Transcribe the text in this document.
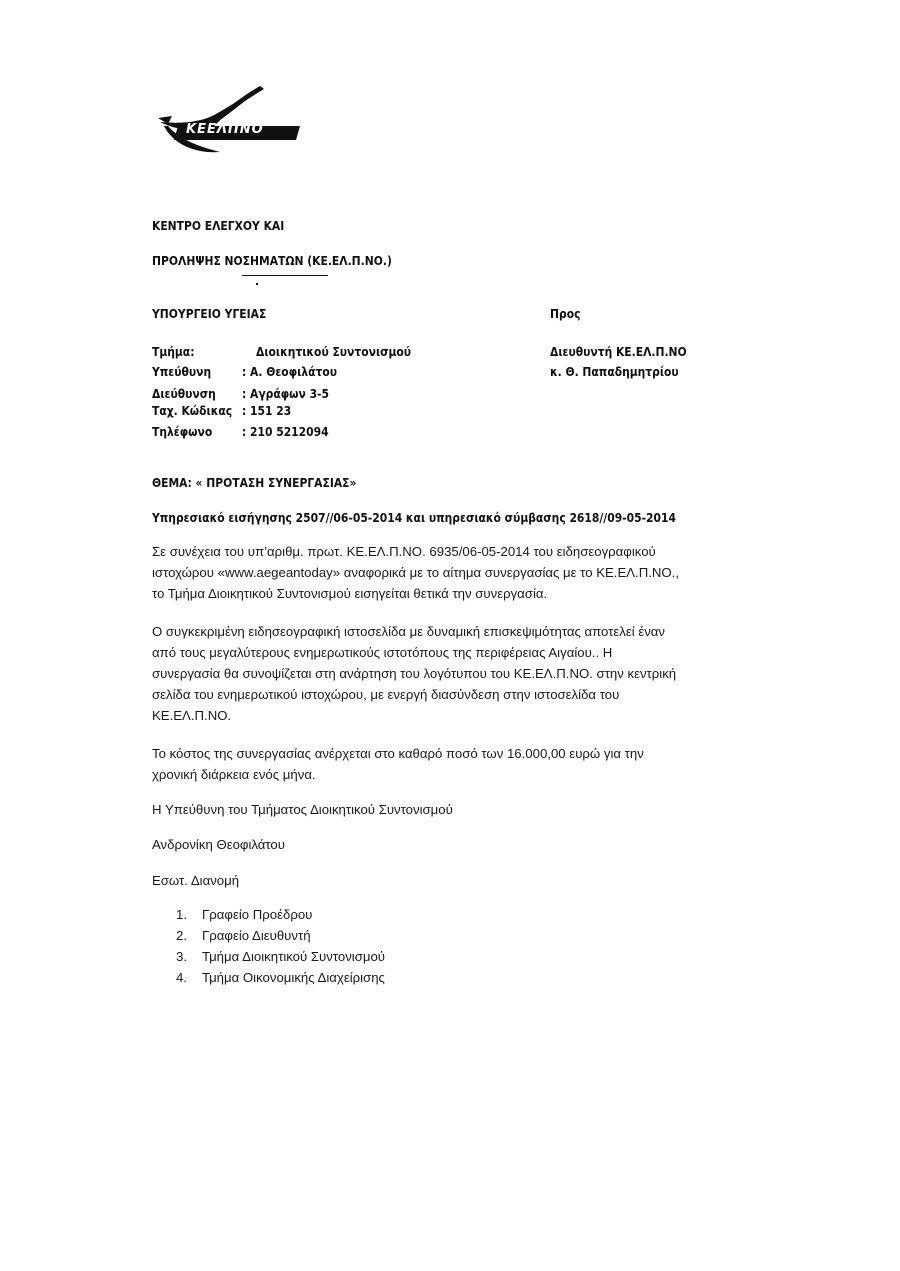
ΚΕΕΛΠΝΟ
ΚΕΝΤΡΟ ΕΛΕΓΧΟΥ ΚΑΙ
ΠΡΟΛΗΨΗΣ ΝΟΣΗΜΑΤΩΝ (ΚΕ.ΕΛ.Π.ΝΟ.)
ΥΠΟΥΡΓΕΙΟ ΥΓΕΙΑΣ	Προς
Τμήμα:	Διοικητικού Συντονισμού
Υπεύθυνη : Α. Θεοφιλάτου
Διεύθυνση : Αγράφων 3-5
Ταχ. Κώδικας : 151 23
Τηλέφωνο : 210 5212094
Διευθυντή ΚΕ.ΕΛ.Π.ΝΟ
κ. Θ. Παπαδημητρίου
ΘΕΜΑ: « ΠΡΟΤΑΣΗ ΣΥΝΕΡΓΑΣΙΑΣ»
Υπηρεσιακό εισήγησης 2507//06-05-2014 και υπηρεσιακό σύμβασης 2618//09-05-2014
Σε συνέχεια του υπ’αριθμ. πρωτ. ΚΕ.ΕΛ.Π.ΝΟ. 6935/06-05-2014 του ειδησεογραφικού
ιστοχώρου «www.aegeantoday» αναφορικά με το αίτημα συνεργασίας με το ΚΕ.ΕΛ.Π.ΝΟ.,
το Τμήμα Διοικητικού Συντονισμού εισηγείται θετικά την συνεργασία.
Ο συγκεκριμένη ειδησεογραφική ιστοσελίδα με δυναμική επισκεψιμότητας αποτελεί έναν
από τους μεγαλύτερους ενημερωτικούς ιστοτόπους της περιφέρειας Αιγαίου.. Η
συνεργασία θα συνοψίζεται στη ανάρτηση του λογότυπου του ΚΕ.ΕΛ.Π.ΝΟ. στην κεντρική
σελίδα του ενημερωτικού ιστοχώρου, με ενεργή διασύνδεση στην ιστοσελίδα του
ΚΕ.ΕΛ.Π.ΝΟ.
Το κόστος της συνεργασίας ανέρχεται στο καθαρό ποσό των 16.000,00 ευρώ για την
χρονική διάρκεια ενός μήνα.
Η Υπεύθυνη του Τμήματος Διοικητικού Συντονισμού
Ανδρονίκη Θεοφιλάτου
Εσωτ. Διανομή
1. Γραφείο Προέδρου
2. Γραφείο Διευθυντή
3. Τμήμα Διοικητικού Συντονισμού
4. Τμήμα Οικονομικής Διαχείρισης
